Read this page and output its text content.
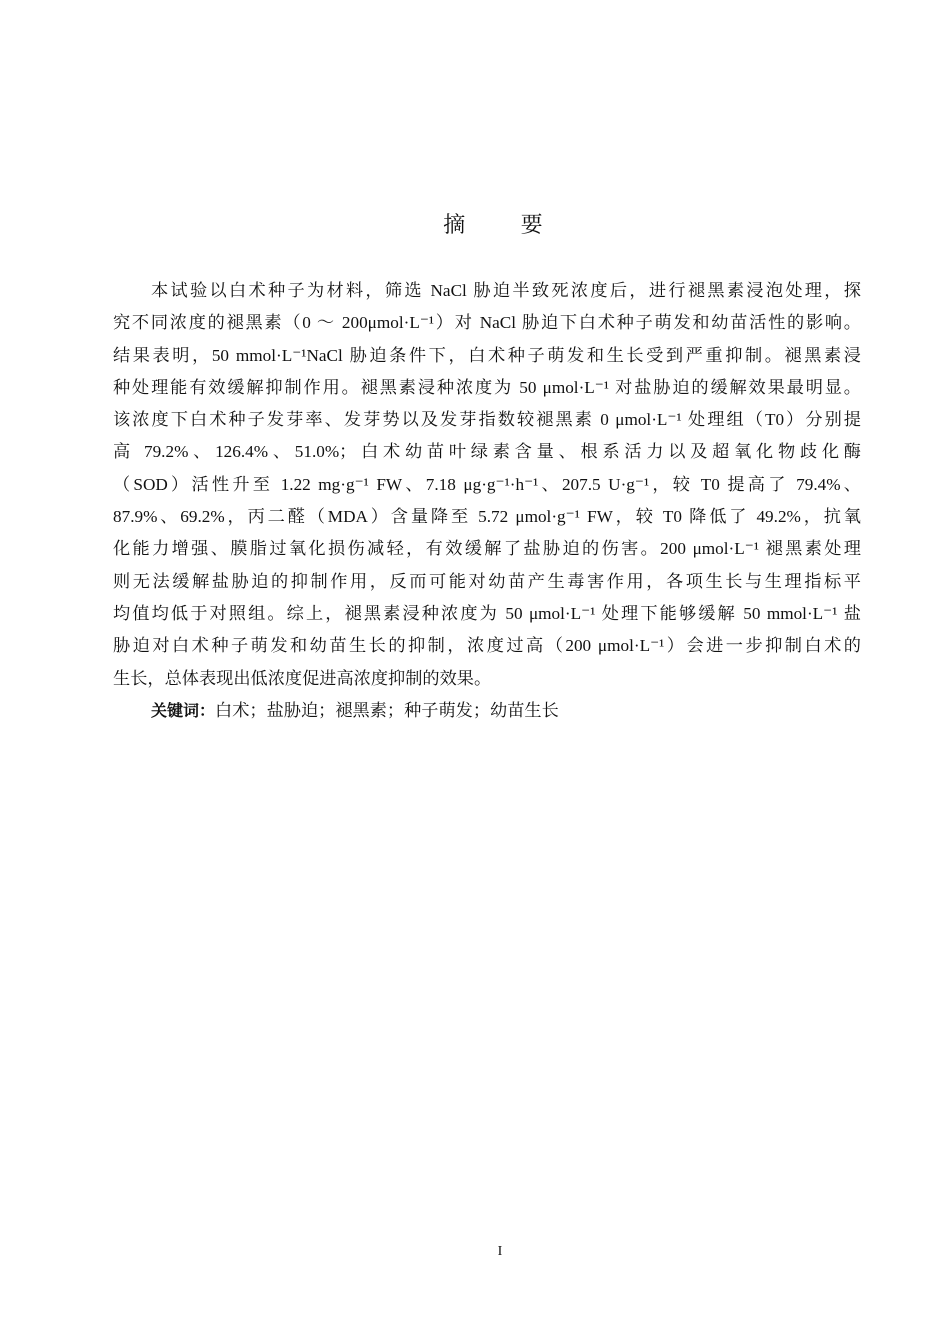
摘 要
本试验以白术种子为材料，筛选 NaCl 胁迫半致死浓度后，进行褪黑素浸泡处理，探
究不同浓度的褪黑素（0 ～ 200μmol·L⁻¹）对 NaCl 胁迫下白术种子萌发和幼苗活性的影响。
结果表明，50 mmol·L⁻¹NaCl 胁迫条件下，白术种子萌发和生长受到严重抑制。褪黑素浸
种处理能有效缓解抑制作用。褪黑素浸种浓度为 50 μmol·L⁻¹ 对盐胁迫的缓解效果最明显。
该浓度下白术种子发芽率、发芽势以及发芽指数较褪黑素 0 μmol·L⁻¹ 处理组（T0）分别提
高 79.2%、126.4%、51.0%；白术幼苗叶绿素含量、根系活力以及超氧化物歧化酶
（SOD）活性升至 1.22 mg·g⁻¹ FW、7.18 μg·g⁻¹·h⁻¹、207.5 U·g⁻¹，较 T0 提高了 79.4%、
87.9%、69.2%，丙二醛（MDA）含量降至 5.72 μmol·g⁻¹ FW，较 T0 降低了 49.2%，抗氧
化能力增强、膜脂过氧化损伤减轻，有效缓解了盐胁迫的伤害。200 μmol·L⁻¹ 褪黑素处理
则无法缓解盐胁迫的抑制作用，反而可能对幼苗产生毒害作用，各项生长与生理指标平
均值均低于对照组。综上，褪黑素浸种浓度为 50 μmol·L⁻¹ 处理下能够缓解 50 mmol·L⁻¹ 盐
胁迫对白术种子萌发和幼苗生长的抑制，浓度过高（200 μmol·L⁻¹）会进一步抑制白术的
生长，总体表现出低浓度促进高浓度抑制的效果。
关键词：白术；盐胁迫；褪黑素；种子萌发；幼苗生长
I
